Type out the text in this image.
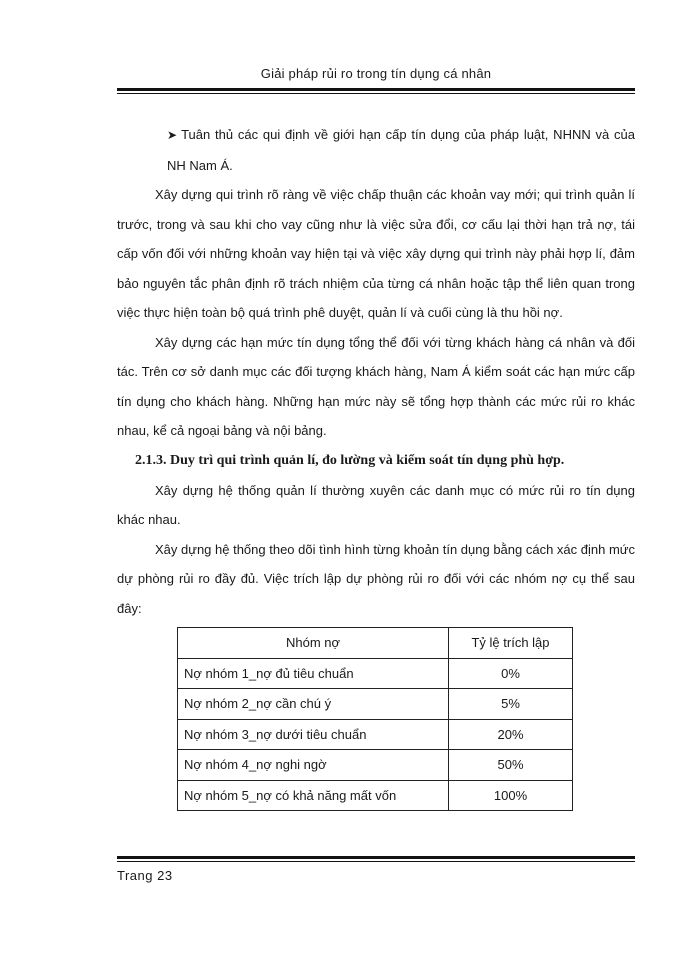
Giải pháp rủi ro trong tín dụng cá nhân

➤ Tuân thủ các qui định về giới hạn cấp tín dụng của pháp luật, NHNN và của NH Nam Á.

Xây dựng qui trình rõ ràng về việc chấp thuận các khoản vay mới; qui trình quản lí trước, trong và sau khi cho vay cũng như là việc sửa đổi, cơ cấu lại thời hạn trả nợ, tái cấp vốn đối với những khoản vay hiện tại và việc xây dựng qui trình này phải hợp lí, đảm bảo nguyên tắc phân định rõ trách nhiệm của từng cá nhân hoặc tập thể liên quan trong việc thực hiện toàn bộ quá trình phê duyệt, quản lí và cuối cùng là thu hồi nợ.

Xây dựng các hạn mức tín dụng tổng thể đối với từng khách hàng cá nhân và đối tác. Trên cơ sở danh mục các đối tượng khách hàng, Nam Á kiểm soát các hạn mức cấp tín dụng cho khách hàng. Những hạn mức này sẽ tổng hợp thành các mức rủi ro khác nhau, kể cả ngoại bảng và nội bảng.

2.1.3. Duy trì qui trình quản lí, đo lường và kiểm soát tín dụng phù hợp.

Xây dựng hệ thống quản lí thường xuyên các danh mục có mức rủi ro tín dụng khác nhau.

Xây dựng hệ thống theo dõi tình hình từng khoản tín dụng bằng cách xác định mức dự phòng rủi ro đầy đủ. Việc trích lập dự phòng rủi ro đối với các nhóm nợ cụ thể sau đây:

Nhóm nợ	Tỷ lệ trích lập
Nợ nhóm 1_nợ đủ tiêu chuẩn	0%
Nợ nhóm 2_nợ cần chú ý	5%
Nợ nhóm 3_nợ dưới tiêu chuẩn	20%
Nợ nhóm 4_nợ nghi ngờ	50%
Nợ nhóm 5_nợ có khả năng mất vốn	100%
Trang 23
